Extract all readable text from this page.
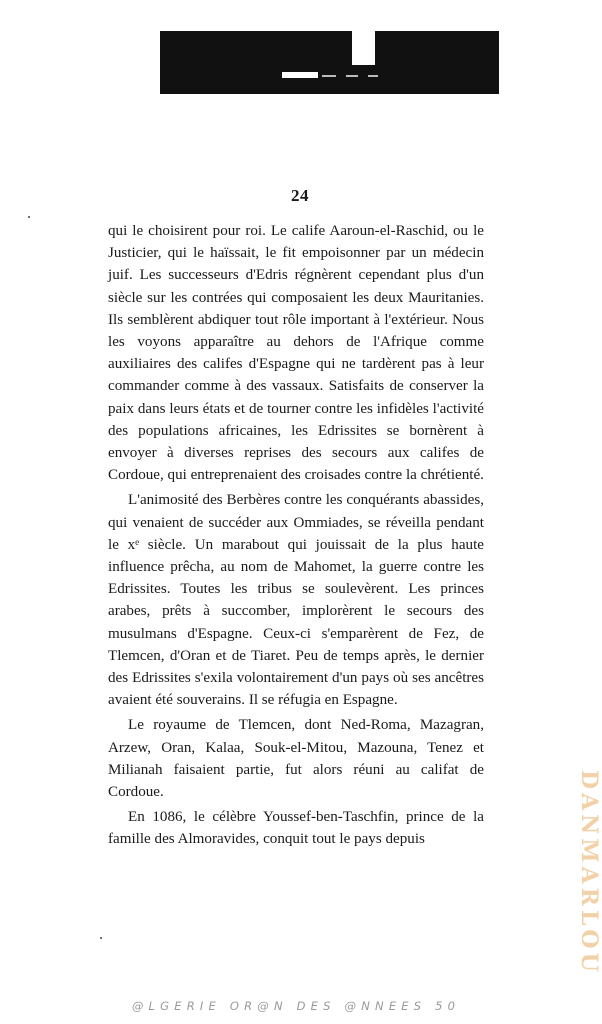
24

qui le choisirent pour roi. Le calife Aaroun-el-Raschid, ou le Justicier, qui le haïssait, le fit empoisonner par un médecin juif. Les successeurs d'Edris régnèrent cependant plus d'un siècle sur les contrées qui composaient les deux Mauritanies. Ils semblèrent abdiquer tout rôle important à l'extérieur. Nous les voyons apparaître au dehors de l'Afrique comme auxiliaires des califes d'Espagne qui ne tardèrent pas à leur commander comme à des vassaux. Satisfaits de conserver la paix dans leurs états et de tourner contre les infidèles l'activité des populations africaines, les Edrissites se bornèrent à envoyer à diverses reprises des secours aux califes de Cordoue, qui entreprenaient des croisades contre la chrétienté.

L'animosité des Berbères contre les conquérants abassides, qui venaient de succéder aux Ommiades, se réveilla pendant le xᵉ siècle. Un marabout qui jouissait de la plus haute influence prêcha, au nom de Mahomet, la guerre contre les Edrissites. Toutes les tribus se soulevèrent. Les princes arabes, prêts à succomber, implorèrent le secours des musulmans d'Espagne. Ceux-ci s'emparèrent de Fez, de Tlemcen, d'Oran et de Tiaret. Peu de temps après, le dernier des Edrissites s'exila volontairement d'un pays où ses ancêtres avaient été souverains. Il se réfugia en Espagne.

Le royaume de Tlemcen, dont Ned-Roma, Mazagran, Arzew, Oran, Kalaa, Souk-el-Mitou, Mazouna, Tenez et Milianah faisaient partie, fut alors réuni au califat de Cordoue.

En 1086, le célèbre Youssef-ben-Taschfin, prince de la famille des Almoravides, conquit tout le pays depuis	DANMARLOU
@LGERIE OR@N DES @NNEES 50
